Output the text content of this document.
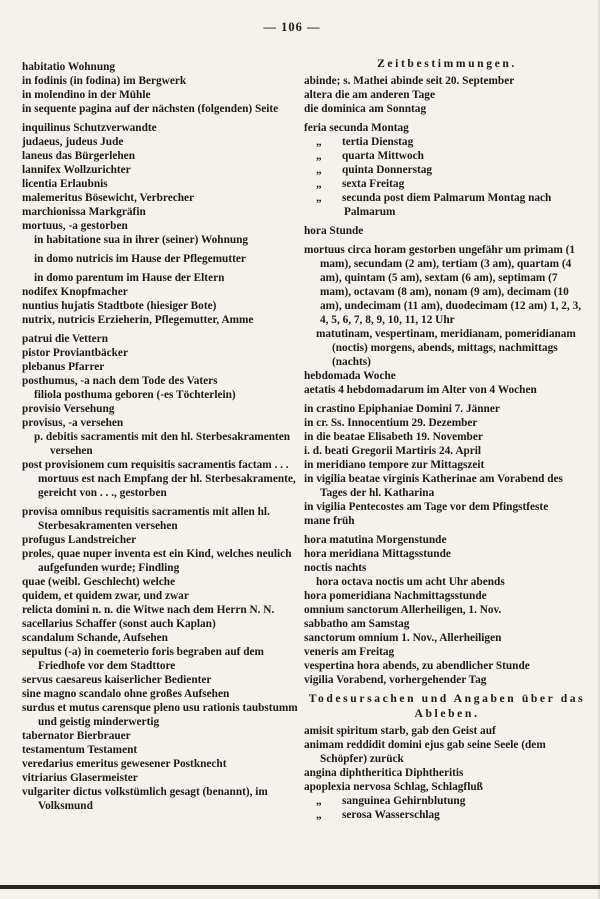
— 106 —
habitatio Wohnung
in fodinis (in fodina) im Bergwerk
in molendino in der Mühle
in sequente pagina auf der nächsten (folgenden) Seite
inquilinus Schutzverwandte
judaeus, judeus Jude
laneus das Bürgerlehen
lannifex Wollzurichter
licentia Erlaubnis
malemeritus Bösewicht, Verbrecher
marchionissa Markgräfin
mortuus, -a gestorben
in habitatione sua in ihrer (seiner) Wohnung
in domo nutricis im Hause der Pflegemutter
in domo parentum im Hause der Eltern
nodifex Knopfmacher
nuntius hujatis Stadtbote (hiesiger Bote)
nutrix, nutricis Erzieherin, Pflegemutter, Amme
patrui die Vettern
pistor Proviantbäcker
plebanus Pfarrer
posthumus, -a nach dem Tode des Vaters
filiola posthuma geboren (-es Töchterlein)
provisio Versehung
provisus, -a versehen
p. debitis sacramentis mit den hl. Sterbesakramenten versehen
post provisionem cum requisitis sacramentis factam . . . mortuus est nach Empfang der hl. Sterbesakramente, gereicht von . . ., gestorben
provisa omnibus requisitis sacramentis mit allen hl. Sterbesakramenten versehen
profugus Landstreicher
proles, quae nuper inventa est ein Kind, welches neulich aufgefunden wurde; Findling
quae (weibl. Geschlecht) welche
quidem, et quidem zwar, und zwar
relicta domini n. n. die Witwe nach dem Herrn N. N.
sacellarius Schaffer (sonst auch Kaplan)
scandalum Schande, Aufsehen
sepultus (-a) in coemeterio foris begraben auf dem Friedhofe vor dem Stadttore
servus caesareus kaiserlicher Bedienter
sine magno scandalo ohne großes Aufsehen
surdus et mutus carensque pleno usu rationis taubstumm und geistig minderwertig
tabernator Bierbrauer
testamentum Testament
veredarius emeritus gewesener Postknecht
vitriarius Glasermeister
vulgariter dictus volkstümlich gesagt (benannt), im Volksmund
Zeitbestimmungen.
abinde; s. Mathei abinde seit 20. September
altera die am anderen Tage
die dominica am Sonntag
feria secunda Montag
„ tertia Dienstag
„ quarta Mittwoch
„ quinta Donnerstag
„ sexta Freitag
„ secunda post diem Palmarum Montag nach Palmarum
hora Stunde
mortuus circa horam gestorben ungefähr um primam (1 mam), secundam (2 am), tertiam (3 am), quartam (4 am), quintam (5 am), sextam (6 am), septimam (7 mam), octavam (8 am), nonam (9 am), decimam (10 am), undecimam (11 am), duodecimam (12 am) 1, 2, 3, 4, 5, 6, 7, 8, 9, 10, 11, 12 Uhr
matutinam, vespertinam, meridianam, pomeridianam (noctis) morgens, abends, mittags, nachmittags (nachts)
hebdomada Woche
aetatis 4 hebdomadarum im Alter von 4 Wochen
in crastino Epiphaniae Domini 7. Jänner
in cr. Ss. Innocentium 29. Dezember
in die beatae Elisabeth 19. November
i. d. beati Gregorii Martiris 24. April
in meridiano tempore zur Mittagszeit
in vigilia beatae virginis Katherinae am Vorabend des Tages der hl. Katharina
in vigilia Pentecostes am Tage vor dem Pfingstfeste
mane früh
hora matutina Morgenstunde
hora meridiana Mittagsstunde
noctis nachts
hora octava noctis um acht Uhr abends
hora pomeridiana Nachmittagsstunde
omnium sanctorum Allerheiligen, 1. Nov.
sabbatho am Samstag
sanctorum omnium 1. Nov., Allerheiligen
veneris am Freitag
vespertina hora abends, zu abendlicher Stunde
vigilia Vorabend, vorhergehender Tag
Todesursachen und Angaben über das Ableben.
amisit spiritum starb, gab den Geist auf
animam reddidit domini ejus gab seine Seele (dem Schöpfer) zurück
angina diphtheritica Diphtheritis
apoplexia nervosa Schlag, Schlagfluß
„ sanguinea Gehirnblutung
„ serosa Wasserschlag
